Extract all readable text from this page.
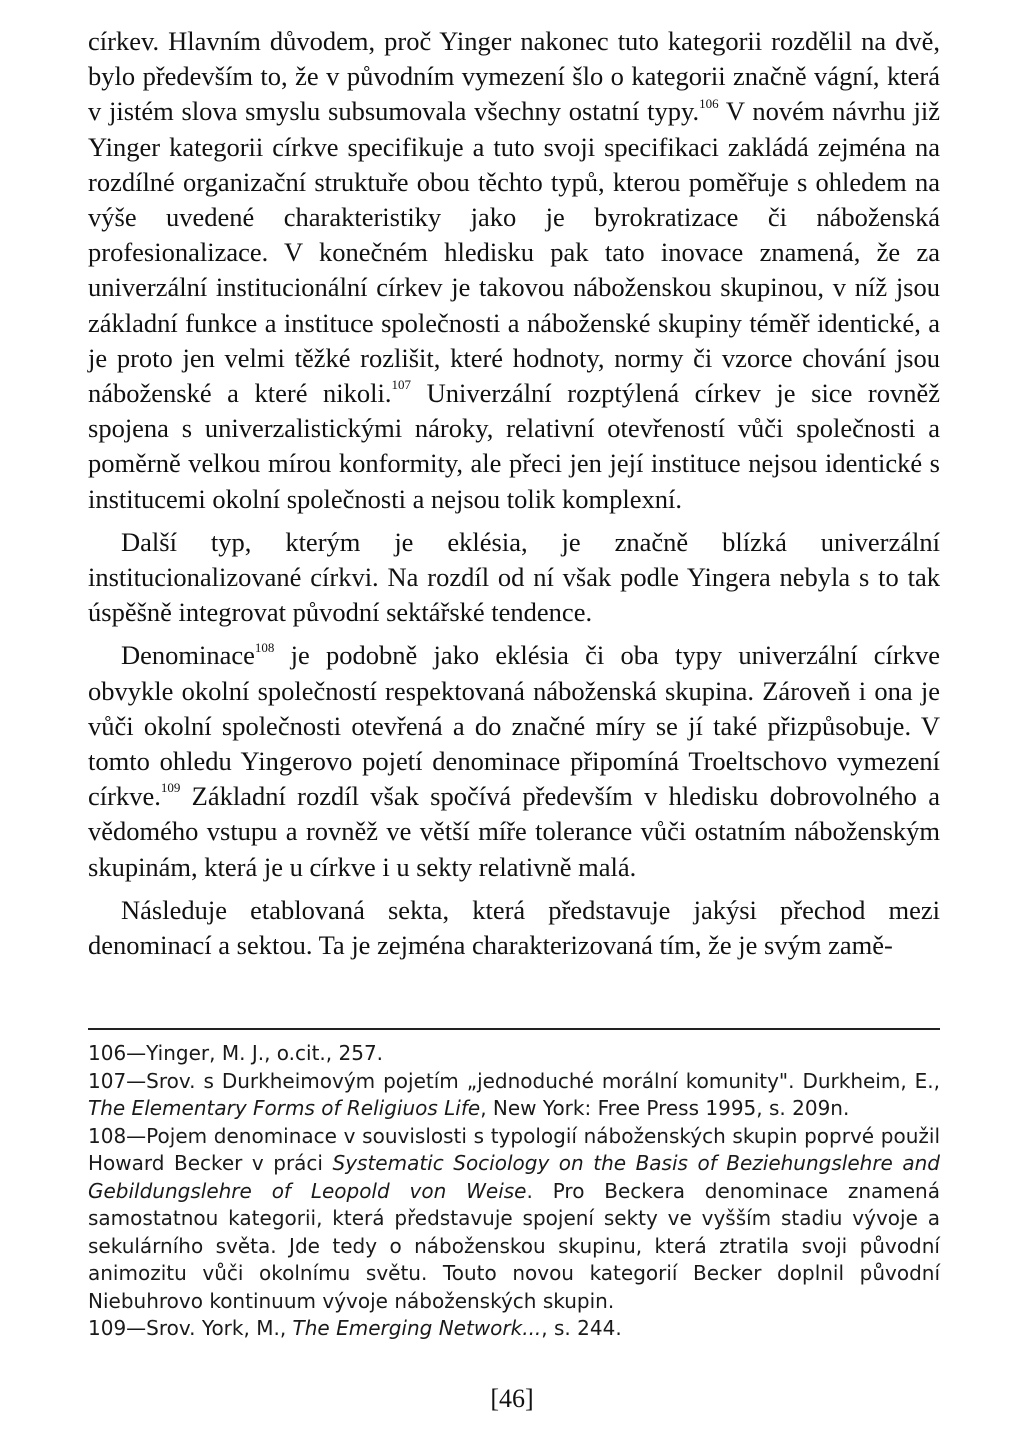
církev. Hlavním důvodem, proč Yinger nakonec tuto kategorii rozdělil na dvě, bylo především to, že v původním vymezení šlo o kategorii značně vágní, která v jistém slova smyslu subsumovala všechny ostatní typy.$^{106}$ V novém návrhu již Yinger kategorii církve specifikuje a tuto svoji specifikaci zakládá zejména na rozdílné organizační struktuře obou těchto typů, kterou poměřuje s ohledem na výše uvedené charakteristiky jako je byrokratizace či náboženská profesionalizace. V konečném hledisku pak tato inovace znamená, že za univerzální institucionální církev je takovou náboženskou skupinou, v níž jsou základní funkce a instituce společnosti a náboženské skupiny téměř identické, a je proto jen velmi těžké rozlišit, které hodnoty, normy či vzorce chování jsou náboženské a které nikoli.$^{107}$ Univerzální rozptýlená církev je sice rovněž spojena s univerzalistickými nároky, relativní otevřeností vůči společnosti a poměrně velkou mírou konformity, ale přeci jen její instituce nejsou identické s institucemi okolní společnosti a nejsou tolik komplexní.

Další typ, kterým je eklésia, je značně blízká univerzální institucionalizované církvi. Na rozdíl od ní však podle Yingera nebyla s to tak úspěšně integrovat původní sektářské tendence.

Denominace$^{108}$ je podobně jako eklésia či oba typy univerzální církve obvykle okolní společností respektovaná náboženská skupina. Zároveň i ona je vůči okolní společnosti otevřená a do značné míry se jí také přizpůsobuje. V tomto ohledu Yingerovo pojetí denominace připomíná Troeltschovo vymezení církve.$^{109}$ Základní rozdíl však spočívá především v hledisku dobrovolného a vědomého vstupu a rovněž ve větší míře tolerance vůči ostatním náboženským skupinám, která je u církve i u sekty relativně malá.

Následuje etablovaná sekta, která představuje jakýsi přechod mezi denominací a sektou. Ta je zejména charakterizovaná tím, že je svým zamě-

106—Yinger, M. J., o.cit., 257.

107—Srov. s Durkheimovým pojetím „jednoduché morální komunity". Durkheim, E., The Elementary Forms of Religiuos Life, New York: Free Press 1995, s. 209n.

108—Pojem denominace v souvislosti s typologií náboženských skupin poprvé použil Howard Becker v práci Systematic Sociology on the Basis of Beziehungslehre and Gebildungslehre of Leopold von Weise. Pro Beckera denominace znamená samostatnou kategorii, která představuje spojení sekty ve vyšším stadiu vývoje a sekulárního světa. Jde tedy o náboženskou skupinu, která ztratila svoji původní animozitu vůči okolnímu světu. Touto novou kategorií Becker doplnil původní Niebuhrovo kontinuum vývoje náboženských skupin.

109—Srov. York, M., The Emerging Network..., s. 244.

[46]
